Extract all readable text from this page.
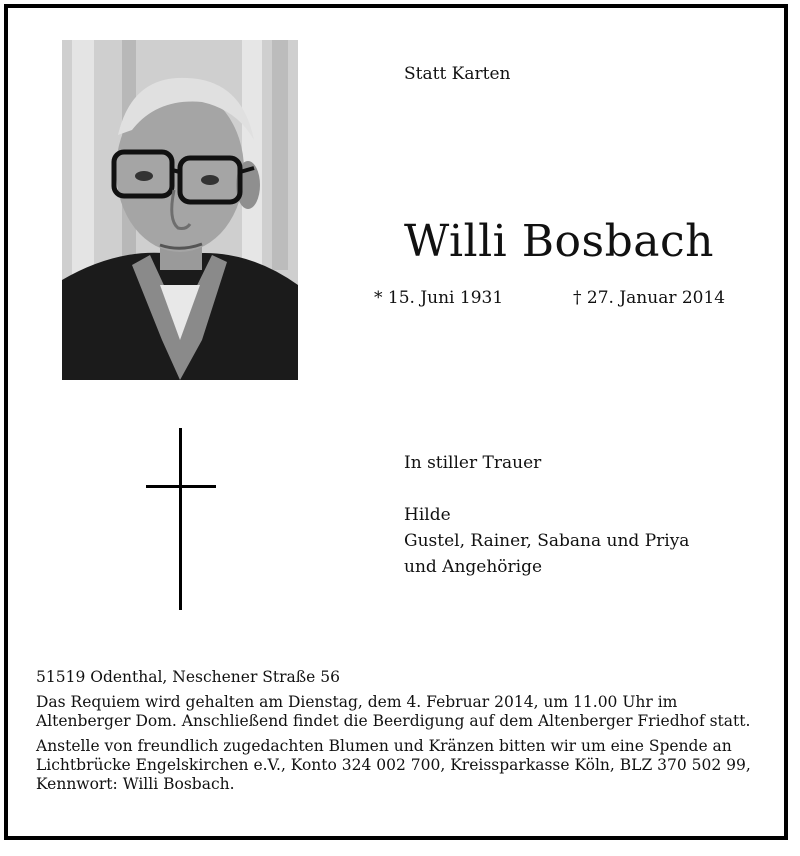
Statt Karten
Willi Bosbach
* 15. Juni 1931	† 27. Januar 2014
In stiller Trauer
Hilde
Gustel, Rainer, Sabana und Priya
und Angehörige

51519 Odenthal, Neschener Straße 56

Das Requiem wird gehalten am Dienstag, dem 4. Februar 2014, um 11.00 Uhr im Altenberger Dom. Anschließend findet die Beerdigung auf dem Altenberger Friedhof statt.

Anstelle von freundlich zugedachten Blumen und Kränzen bitten wir um eine Spende an Lichtbrücke Engelskirchen e.V., Konto 324 002 700, Kreissparkasse Köln, BLZ 370 502 99, Kennwort: Willi Bosbach.
